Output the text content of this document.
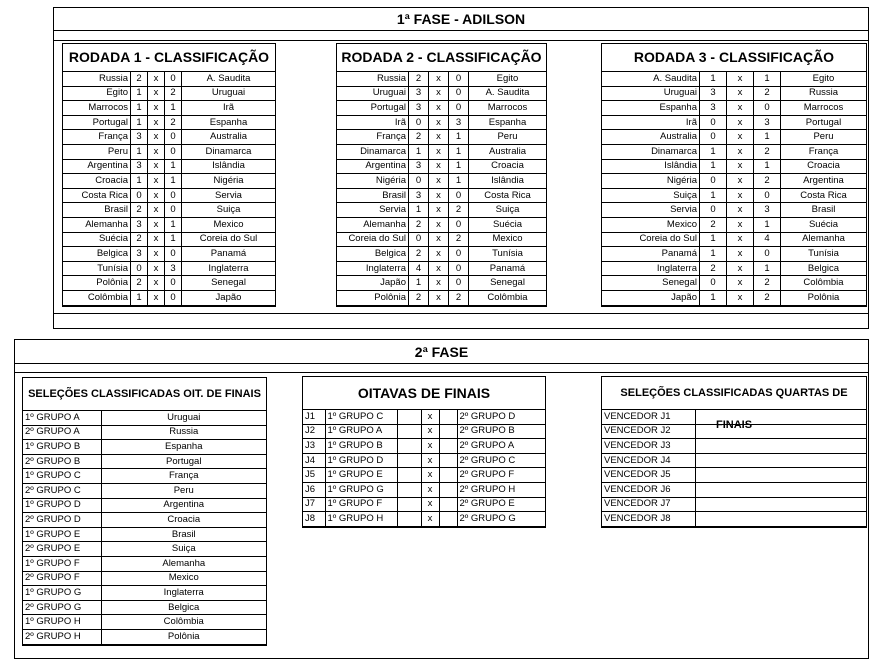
1ª FASE - ADILSON
RODADA 1 - CLASSIFICAÇÃO
Russia	2	x	0	A. Saudita
Egito	1	x	2	Uruguai
Marrocos	1	x	1	Irã
Portugal	1	x	2	Espanha
França	3	x	0	Australia
Peru	1	x	0	Dinamarca
Argentina	3	x	1	Islândia
Croacia	1	x	1	Nigéria
Costa Rica	0	x	0	Servia
Brasil	2	x	0	Suiça
Alemanha	3	x	1	Mexico
Suécia	2	x	1	Coreia do Sul
Belgica	3	x	0	Panamá
Tunísia	0	x	3	Inglaterra
Polônia	2	x	0	Senegal
Colômbia	1	x	0	Japão
RODADA 2 - CLASSIFICAÇÃO
Russia	2	x	0	Egito
Uruguai	3	x	0	A. Saudita
Portugal	3	x	0	Marrocos
Irã	0	x	3	Espanha
França	2	x	1	Peru
Dinamarca	1	x	1	Australia
Argentina	3	x	1	Croacia
Nigéria	0	x	1	Islândia
Brasil	3	x	0	Costa Rica
Servia	1	x	2	Suiça
Alemanha	2	x	0	Suécia
Coreia do Sul	0	x	2	Mexico
Belgica	2	x	0	Tunísia
Inglaterra	4	x	0	Panamá
Japão	1	x	0	Senegal
Polônia	2	x	2	Colômbia
RODADA 3 - CLASSIFICAÇÃO
A. Saudita	1	x	1	Egito
Uruguai	3	x	2	Russia
Espanha	3	x	0	Marrocos
Irã	0	x	3	Portugal
Australia	0	x	1	Peru
Dinamarca	1	x	2	França
Islândia	1	x	1	Croacia
Nigéria	0	x	2	Argentina
Suiça	1	x	0	Costa Rica
Servia	0	x	3	Brasil
Mexico	2	x	1	Suécia
Coreia do Sul	1	x	4	Alemanha
Panamá	1	x	0	Tunísia
Inglaterra	2	x	1	Belgica
Senegal	0	x	2	Colômbia
Japão	1	x	2	Polônia
2ª FASE
SELEÇÕES CLASSIFICADAS OIT. DE FINAIS
1º GRUPO A	Uruguai
2º GRUPO A	Russia
1º GRUPO B	Espanha
2º GRUPO B	Portugal
1º GRUPO C	França
2º GRUPO C	Peru
1º GRUPO D	Argentina
2º GRUPO D	Croacia
1º GRUPO E	Brasil
2º GRUPO E	Suiça
1º GRUPO F	Alemanha
2º GRUPO F	Mexico
1º GRUPO G	Inglaterra
2º GRUPO G	Belgica
1º GRUPO H	Colômbia
2º GRUPO H	Polônia
OITAVAS DE FINAIS
J1	1º GRUPO C		x		2º GRUPO D
J2	1º GRUPO A		x		2º GRUPO B
J3	1º GRUPO B		x		2º GRUPO A
J4	1º GRUPO D		x		2º GRUPO C
J5	1º GRUPO E		x		2º GRUPO F
J6	1º GRUPO G		x		2º GRUPO H
J7	1º GRUPO F		x		2º GRUPO E
J8	1º GRUPO H		x		2º GRUPO G
SELEÇÕES CLASSIFICADAS QUARTAS DE FINAIS
VENCEDOR J1	
VENCEDOR J2	
VENCEDOR J3	
VENCEDOR J4	
VENCEDOR J5	
VENCEDOR J6	
VENCEDOR J7	
VENCEDOR J8	
